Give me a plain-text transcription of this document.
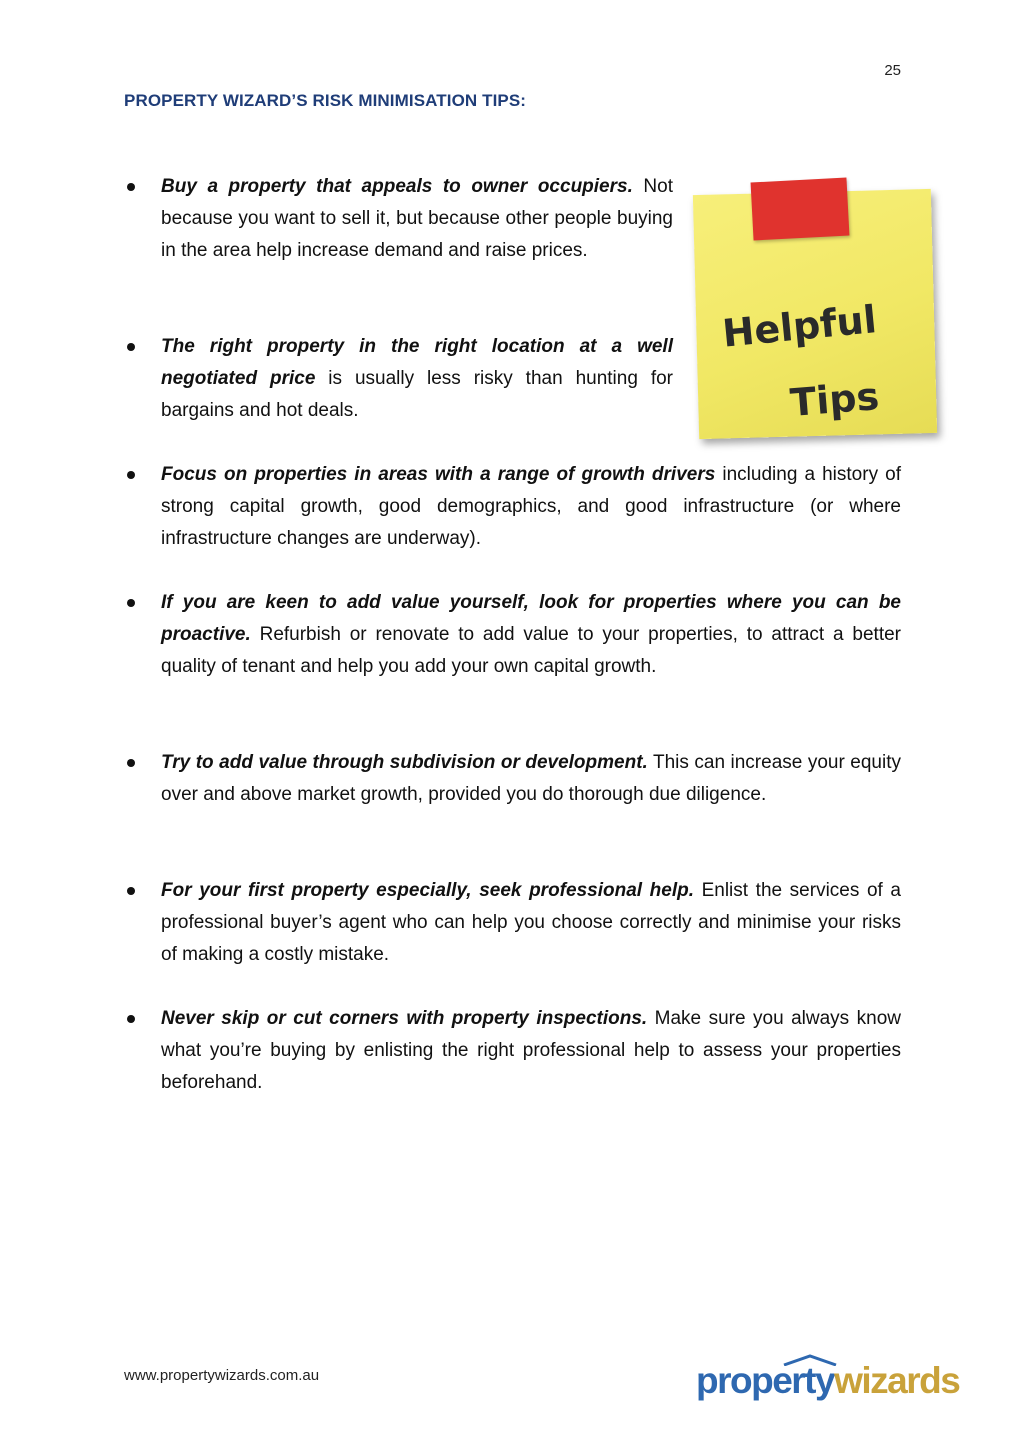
25
PROPERTY WIZARD’S RISK MINIMISATION TIPS:
Buy a property that appeals to owner occupiers. Not because you want to sell it, but because other people buying in the area help increase demand and raise prices.
The right property in the right location at a well negotiated price is usually less risky than hunting for bargains and hot deals.
Helpful
Tips
Focus on properties in areas with a range of growth drivers including a history of strong capital growth, good demographics, and good infrastructure (or where infrastructure changes are underway).
If you are keen to add value yourself, look for properties where you can be proactive. Refurbish or renovate to add value to your properties, to attract a better quality of tenant and help you add your own capital growth.
Try to add value through subdivision or development. This can increase your equity over and above market growth, provided you do thorough due diligence.
For your first property especially, seek professional help. Enlist the services of a professional buyer’s agent who can help you choose correctly and minimise your risks of making a costly mistake.
Never skip or cut corners with property inspections. Make sure you always know what you’re buying by enlisting the right professional help to assess your properties beforehand.
www.propertywizards.com.au	propertywizards
